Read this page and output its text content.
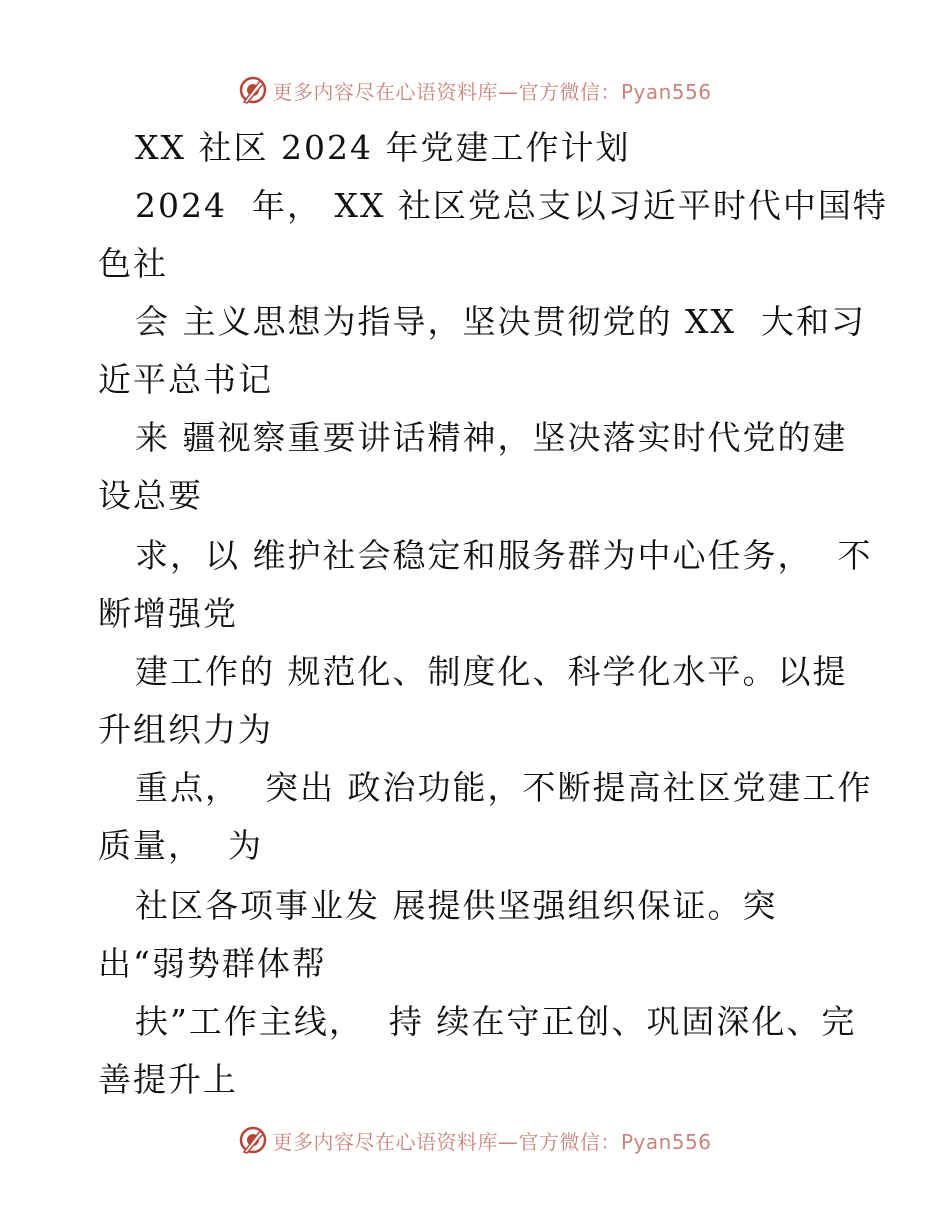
更多内容尽在心语资料库—官方微信：Pyan556
XX 社区 2024 年党建工作计划
2024  年， XX 社区党总支以习近平时代中国特
色社
会 主义思想为指导，坚决贯彻党的 XX  大和习
近平总书记
来 疆视察重要讲话精神，坚决落实时代党的建
设总要
求，以 维护社会稳定和服务群为中心任务，  不
断增强党
建工作的 规范化、制度化、科学化水平。以提
升组织力为
重点，  突出 政治功能，不断提高社区党建工作
质量，  为
社区各项事业发 展提供坚强组织保证。突
出“弱势群体帮
扶”工作主线，  持 续在守正创、巩固深化、完
善提升上
更多内容尽在心语资料库—官方微信：Pyan556
